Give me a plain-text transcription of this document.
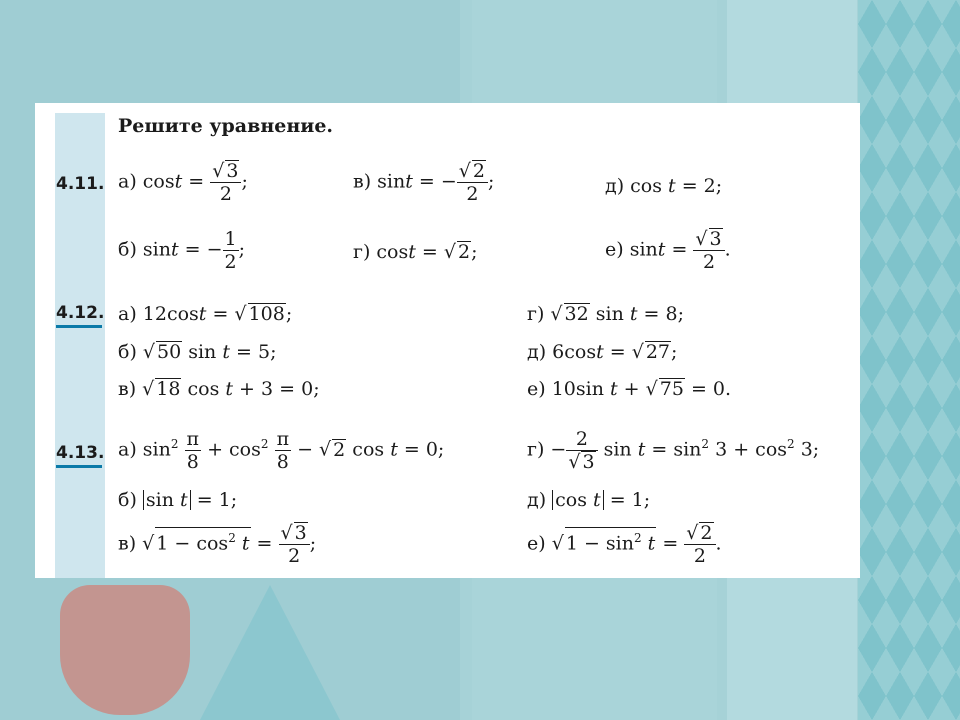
Решите уравнение.
4.11. а) $\cos t = \frac{√ 3}{2}$ ;	в) sint = − $\frac{√ 2}{2}$ ;	д) cos t = 2;
б) sint = − $\frac{1}{2}$ ;	г) cost = √ 2;	е) $\sin t = \frac{√ 3}{2}$ .
4.12. а) 12cost = √ 108;	г) √ 32 sin t = 8;
б) √ 50 sin t = 5;	д) 6cost = √ 27;
в) √ 18 cos t + 3 = 0;	е) 10sin t + √ 75 = 0.
4.13. а) $\sin^2 \frac{\pi}{8} + \cos^2 \frac{\pi}{8}$ − √ 2 cos t = 0;	$г) - \frac{2}{√ 3}$ $\sin t = \sin^2 3 + \cos^2 3$;
б) sin t = 1;	д) cos t = 1;
в) √ $1 - \cos^2 t = \frac{√ 3}{2}$ ;	е) √ $1 - \sin^2 t = \frac{√ 2}{2}$ .
